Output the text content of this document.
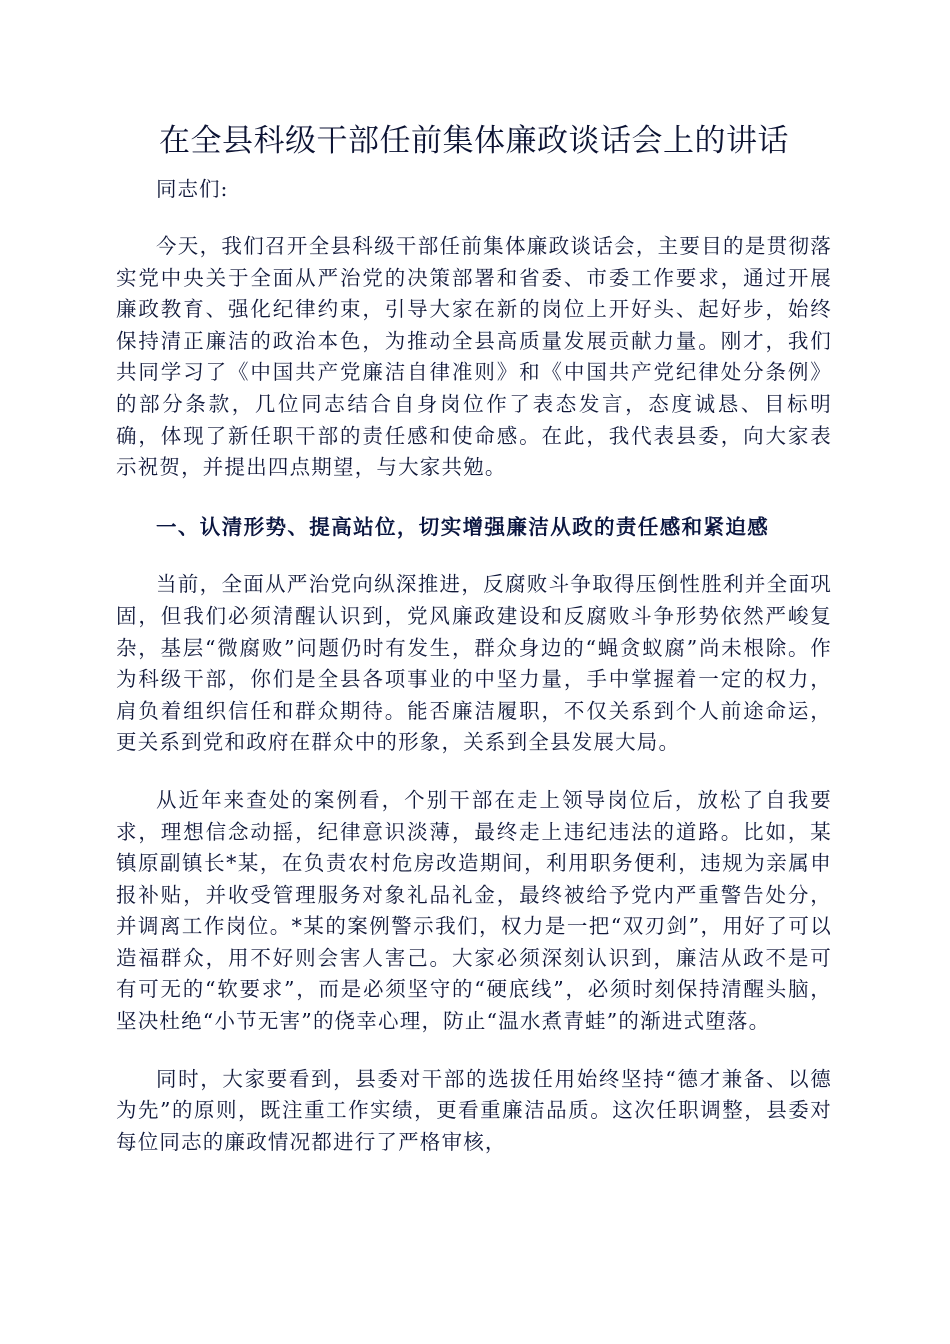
在全县科级干部任前集体廉政谈话会上的讲话

同志们:

今天，我们召开全县科级干部任前集体廉政谈话会，主要目的是贯彻落实党中央关于全面从严治党的决策部署和省委、市委工作要求，通过开展廉政教育、强化纪律约束，引导大家在新的岗位上开好头、起好步，始终保持清正廉洁的政治本色，为推动全县高质量发展贡献力量。刚才，我们共同学习了《中国共产党廉洁自律准则》和《中国共产党纪律处分条例》的部分条款，几位同志结合自身岗位作了表态发言，态度诚恳、目标明确，体现了新任职干部的责任感和使命感。在此，我代表县委，向大家表示祝贺，并提出四点期望，与大家共勉。

一、认清形势、提高站位，切实增强廉洁从政的责任感和紧迫感

当前，全面从严治党向纵深推进，反腐败斗争取得压倒性胜利并全面巩固，但我们必须清醒认识到，党风廉政建设和反腐败斗争形势依然严峻复杂，基层“微腐败”问题仍时有发生，群众身边的“蝇贪蚁腐”尚未根除。作为科级干部，你们是全县各项事业的中坚力量，手中掌握着一定的权力，肩负着组织信任和群众期待。能否廉洁履职，不仅关系到个人前途命运，更关系到党和政府在群众中的形象，关系到全县发展大局。

从近年来查处的案例看，个别干部在走上领导岗位后，放松了自我要求，理想信念动摇，纪律意识淡薄，最终走上违纪违法的道路。比如，某镇原副镇长*某，在负责农村危房改造期间，利用职务便利，违规为亲属申报补贴，并收受管理服务对象礼品礼金，最终被给予党内严重警告处分，并调离工作岗位。*某的案例警示我们，权力是一把“双刃剑”，用好了可以造福群众，用不好则会害人害己。大家必须深刻认识到，廉洁从政不是可有可无的“软要求”，而是必须坚守的“硬底线”，必须时刻保持清醒头脑，坚决杜绝“小节无害”的侥幸心理，防止“温水煮青蛙”的渐进式堕落。

同时，大家要看到，县委对干部的选拔任用始终坚持“德才兼备、以德为先”的原则，既注重工作实绩，更看重廉洁品质。这次任职调整，县委对每位同志的廉政情况都进行了严格审核，
